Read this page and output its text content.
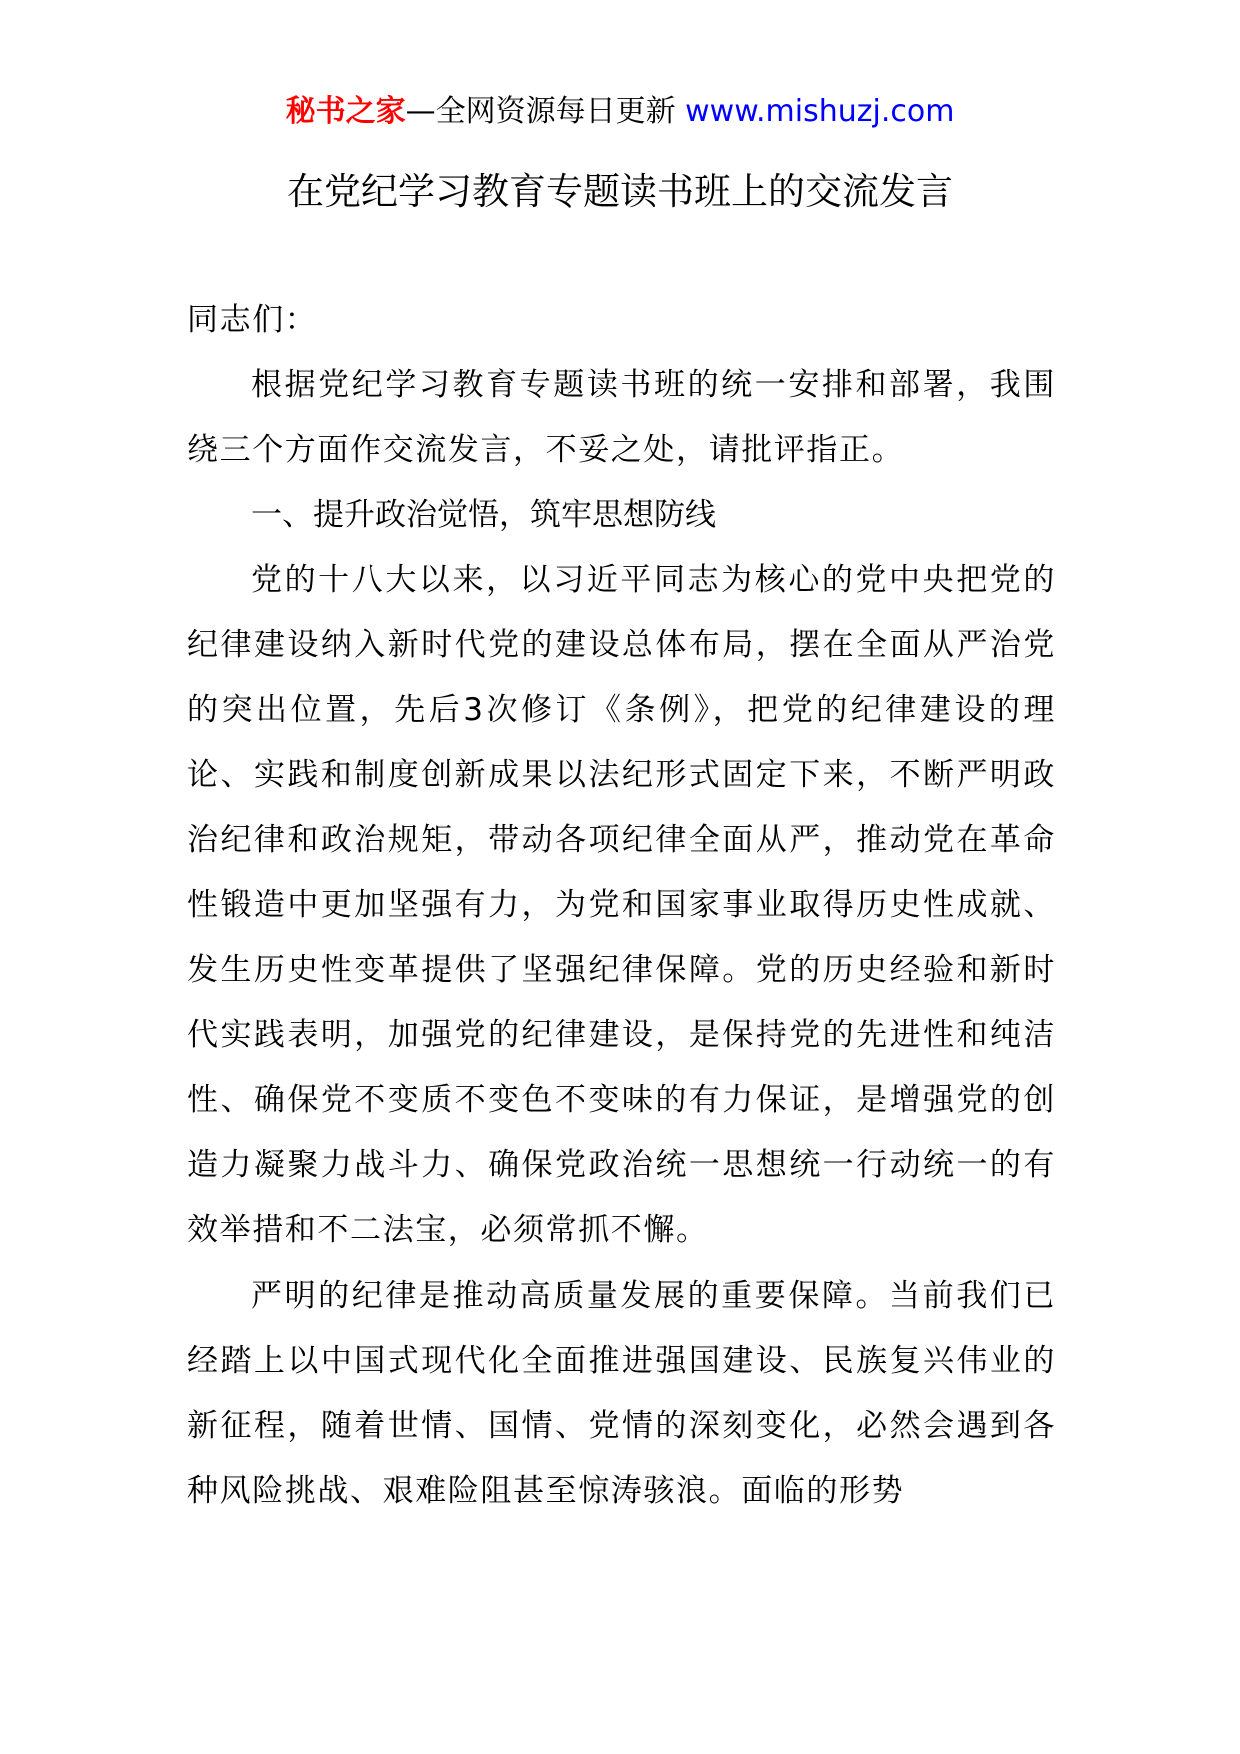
秘书之家—全网资源每日更新 www.mishuzj.com
在党纪学习教育专题读书班上的交流发言

同志们：

根据党纪学习教育专题读书班的统一安排和部署，我围绕三个方面作交流发言，不妥之处，请批评指正。

一、提升政治觉悟，筑牢思想防线

党的十八大以来，以习近平同志为核心的党中央把党的纪律建设纳入新时代党的建设总体布局，摆在全面从严治党的突出位置，先后3次修订《条例》，把党的纪律建设的理论、实践和制度创新成果以法纪形式固定下来，不断严明政治纪律和政治规矩，带动各项纪律全面从严，推动党在革命性锻造中更加坚强有力，为党和国家事业取得历史性成就、发生历史性变革提供了坚强纪律保障。党的历史经验和新时代实践表明，加强党的纪律建设，是保持党的先进性和纯洁性、确保党不变质不变色不变味的有力保证，是增强党的创造力凝聚力战斗力、确保党政治统一思想统一行动统一的有效举措和不二法宝，必须常抓不懈。

严明的纪律是推动高质量发展的重要保障。当前我们已经踏上以中国式现代化全面推进强国建设、民族复兴伟业的新征程，随着世情、国情、党情的深刻变化，必然会遇到各种风险挑战、艰难险阻甚至惊涛骇浪。面临的形势
